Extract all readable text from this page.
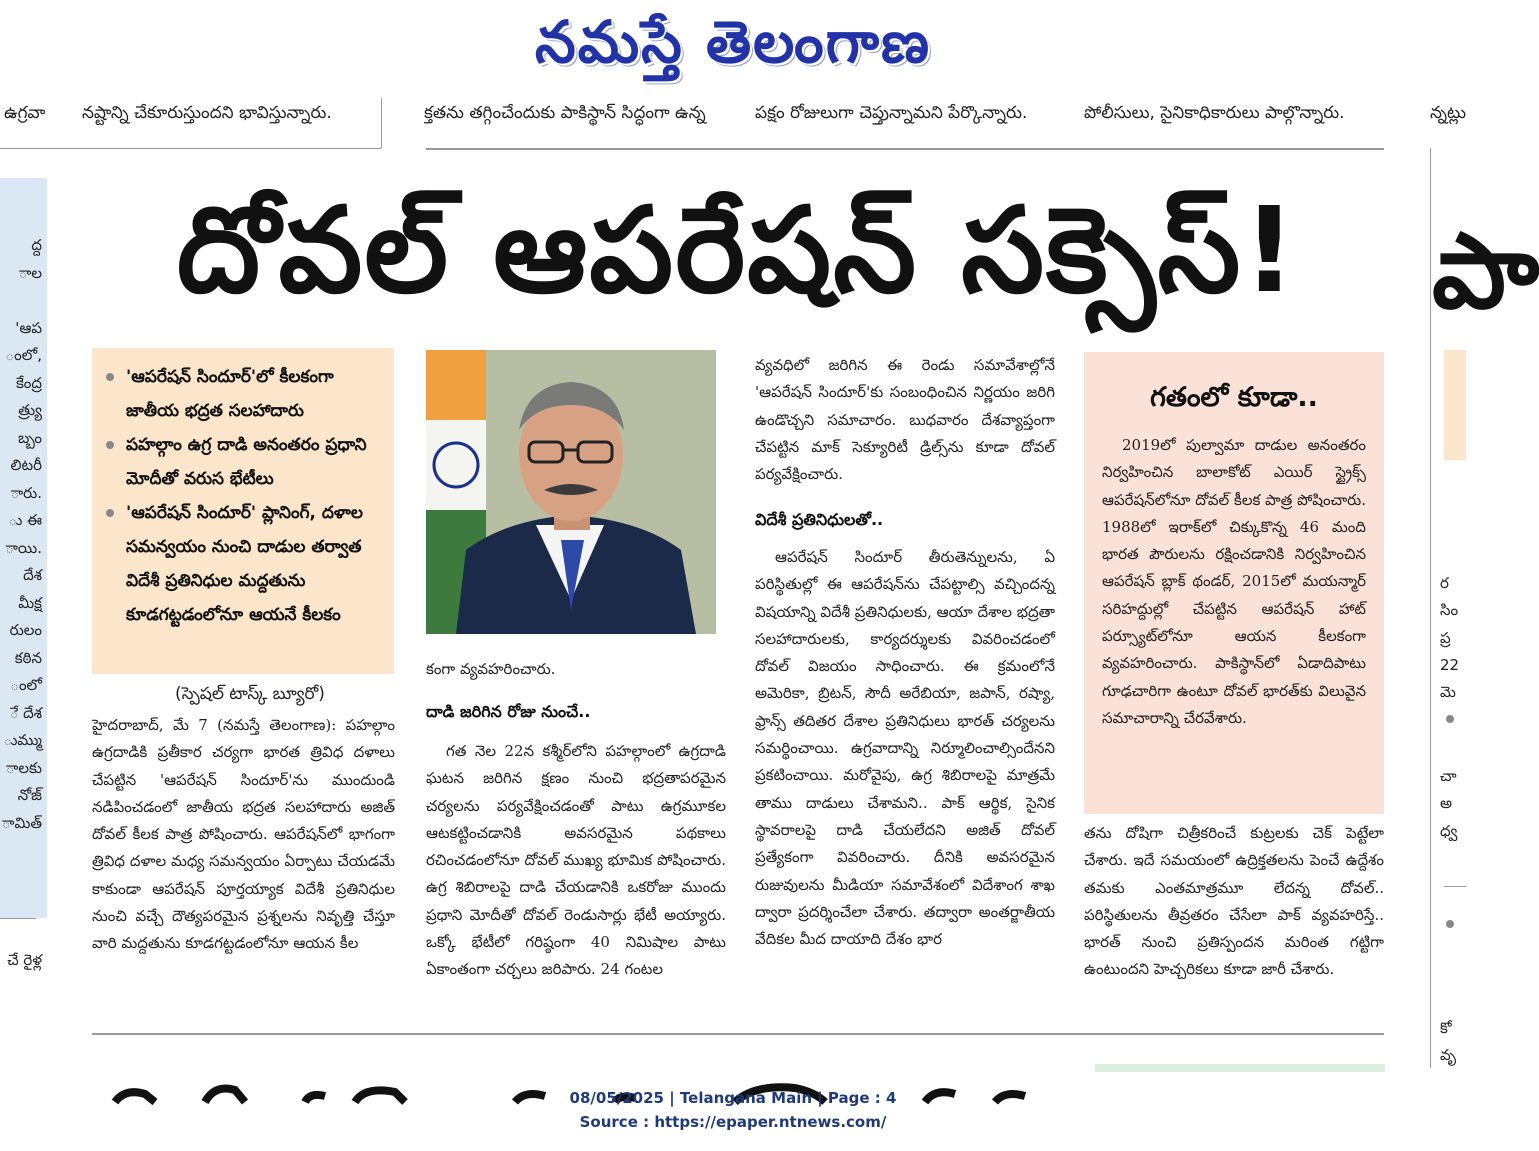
నమస్తే తెలంగాణ
ఉగ్రవా నష్టాన్ని చేకూరుస్తుందని భావిస్తున్నారు.	క్తతను తగ్గించేందుకు పాకిస్థాన్ సిద్ధంగా ఉన్న	పక్షం రోజులుగా చెప్తున్నామని పేర్కొన్నారు.	పోలీసులు, సైనికాధికారులు పాల్గొన్నారు.	న్నట్లు
ద్ద
ాల

'ఆప
ంలో,
కేంద్ర
త్ర్యు
బ్బం
లిటరీ
ారు.
ు ఈ
ాయి.
దేశ
మీక్ష
రులం
కఠిన
ంలో
ే దేశ
ుమ్ము
ాలకు
నోజ్
ామిత్

చే రైళ్ల
దోవల్ ఆపరేషన్ సక్సెస్!	పా
'ఆపరేషన్ సిందూర్'లో కీలకంగా జాతీయ భద్రత సలహాదారు
పహల్గాం ఉగ్ర దాడి అనంతరం ప్రధాని మోదీతో వరుస భేటీలు
'ఆపరేషన్ సిందూర్' ప్లానింగ్, దళాల సమన్వయం నుంచి దాడుల తర్వాత విదేశీ ప్రతినిధుల మద్దతును కూడగట్టడంలోనూ ఆయనే కీలకం
(స్పెషల్ టాస్క్ బ్యూరో)
హైదరాబాద్, మే 7 (నమస్తే తెలంగాణ): పహల్గాం ఉగ్రదాడికి ప్రతీకార చర్యగా భారత త్రివిధ దళాలు చేపట్టిన 'ఆపరేషన్ సిందూర్'ను ముందుండి నడిపించడంలో జాతీయ భద్రత సలహాదారు అజిత్ దోవల్ కీలక పాత్ర పోషించారు. ఆపరేషన్‌లో భాగంగా త్రివిధ దళాల మధ్య సమన్వయం ఏర్పాటు చేయడమే కాకుండా ఆపరేషన్ పూర్తయ్యాక విదేశీ ప్రతినిధుల నుంచి వచ్చే దౌత్యపరమైన ప్రశ్నలను నివృత్తి చేస్తూ వారి మద్దతును కూడగట్టడంలోనూ ఆయన కీల
కంగా వ్యవహరించారు.
దాడి జరిగిన రోజు నుంచే..
గత నెల 22న కశ్మీర్‌లోని పహల్గాంలో ఉగ్రదాడి ఘటన జరిగిన క్షణం నుంచి భద్రతాపరమైన చర్యలను పర్యవేక్షించడంతో పాటు ఉగ్రమూకల ఆటకట్టించడానికి అవసరమైన పథకాలు రచించడంలోనూ దోవల్ ముఖ్య భూమిక పోషించారు. ఉగ్ర శిబిరాలపై దాడి చేయడానికి ఒకరోజు ముందు ప్రధాని మోదీతో దోవల్ రెండుసార్లు భేటీ అయ్యారు. ఒక్కో భేటీలో గరిష్ఠంగా 40 నిమిషాల పాటు ఏకాంతంగా చర్చలు జరిపారు. 24 గంటల
వ్యవధిలో జరిగిన ఈ రెండు సమావేశాల్లోనే 'ఆపరేషన్ సిందూర్'కు సంబంధించిన నిర్ణయం జరిగి ఉండొచ్చని సమాచారం. బుధవారం దేశవ్యాప్తంగా చేపట్టిన మాక్ సెక్యూరిటీ డ్రిల్స్‌ను కూడా దోవల్ పర్యవేక్షించారు.
విదేశీ ప్రతినిధులతో..
ఆపరేషన్ సిందూర్ తీరుతెన్నులను, ఏ పరిస్థితుల్లో ఈ ఆపరేషన్‌ను చేపట్టాల్సి వచ్చిందన్న విషయాన్ని విదేశీ ప్రతినిధులకు, ఆయా దేశాల భద్రతా సలహాదారులకు, కార్యదర్శులకు వివరించడంలో దోవల్ విజయం సాధించారు. ఈ క్రమంలోనే అమెరికా, బ్రిటన్, సౌదీ అరేబియా, జపాన్, రష్యా, ఫ్రాన్స్ తదితర దేశాల ప్రతినిధులు భారత్ చర్యలను సమర్థించాయి. ఉగ్రవాదాన్ని నిర్మూలించాల్సిందేనని ప్రకటించాయి. మరోవైపు, ఉగ్ర శిబిరాలపై మాత్రమే తాము దాడులు చేశామని.. పాక్ ఆర్థిక, సైనిక స్థావరాలపై దాడి చేయలేదని అజిత్ దోవల్ ప్రత్యేకంగా వివరించారు. దీనికి అవసరమైన రుజువులను మీడియా సమావేశంలో విదేశాంగ శాఖ ద్వారా ప్రదర్శించేలా చేశారు. తద్వారా అంతర్జాతీయ వేదికల మీద దాయాది దేశం భార
గతంలో కూడా..
2019లో పుల్వామా దాడుల అనంతరం నిర్వహించిన బాలాకోట్ ఎయిర్ స్ట్రైక్స్ ఆపరేషన్‌లోనూ దోవల్ కీలక పాత్ర పోషించారు. 1988లో ఇరాక్‌లో చిక్కుకొన్న 46 మంది భారత పౌరులను రక్షించడానికి నిర్వహించిన ఆపరేషన్ బ్లాక్ థండర్, 2015లో మయన్మార్ సరిహద్దుల్లో చేపట్టిన ఆపరేషన్ హాట్ పర్స్యూట్‌లోనూ ఆయన కీలకంగా వ్యవహరించారు. పాకిస్థాన్‌లో ఏడాదిపాటు గూఢచారిగా ఉంటూ దోవల్ భారత్‌కు విలువైన సమాచారాన్ని చేరవేశారు.
తను దోషిగా చిత్రీకరించే కుట్రలకు చెక్ పెట్టేలా చేశారు. ఇదే సమయంలో ఉద్రిక్తతలను పెంచే ఉద్దేశం తమకు ఎంతమాత్రమూ లేదన్న దోవల్.. పరిస్థితులను తీవ్రతరం చేసేలా పాక్ వ్యవహరిస్తే.. భారత్ నుంచి ప్రతిస్పందన మరింత గట్టిగా ఉంటుందని హెచ్చరికలు కూడా జారీ చేశారు.
ర
సిం
ప్ర
22
మె
చా
అ
ధ్వ
కో
వృ
08/05/2025 | Telangana Main | Page : 4
Source : https://epaper.ntnews.com/
